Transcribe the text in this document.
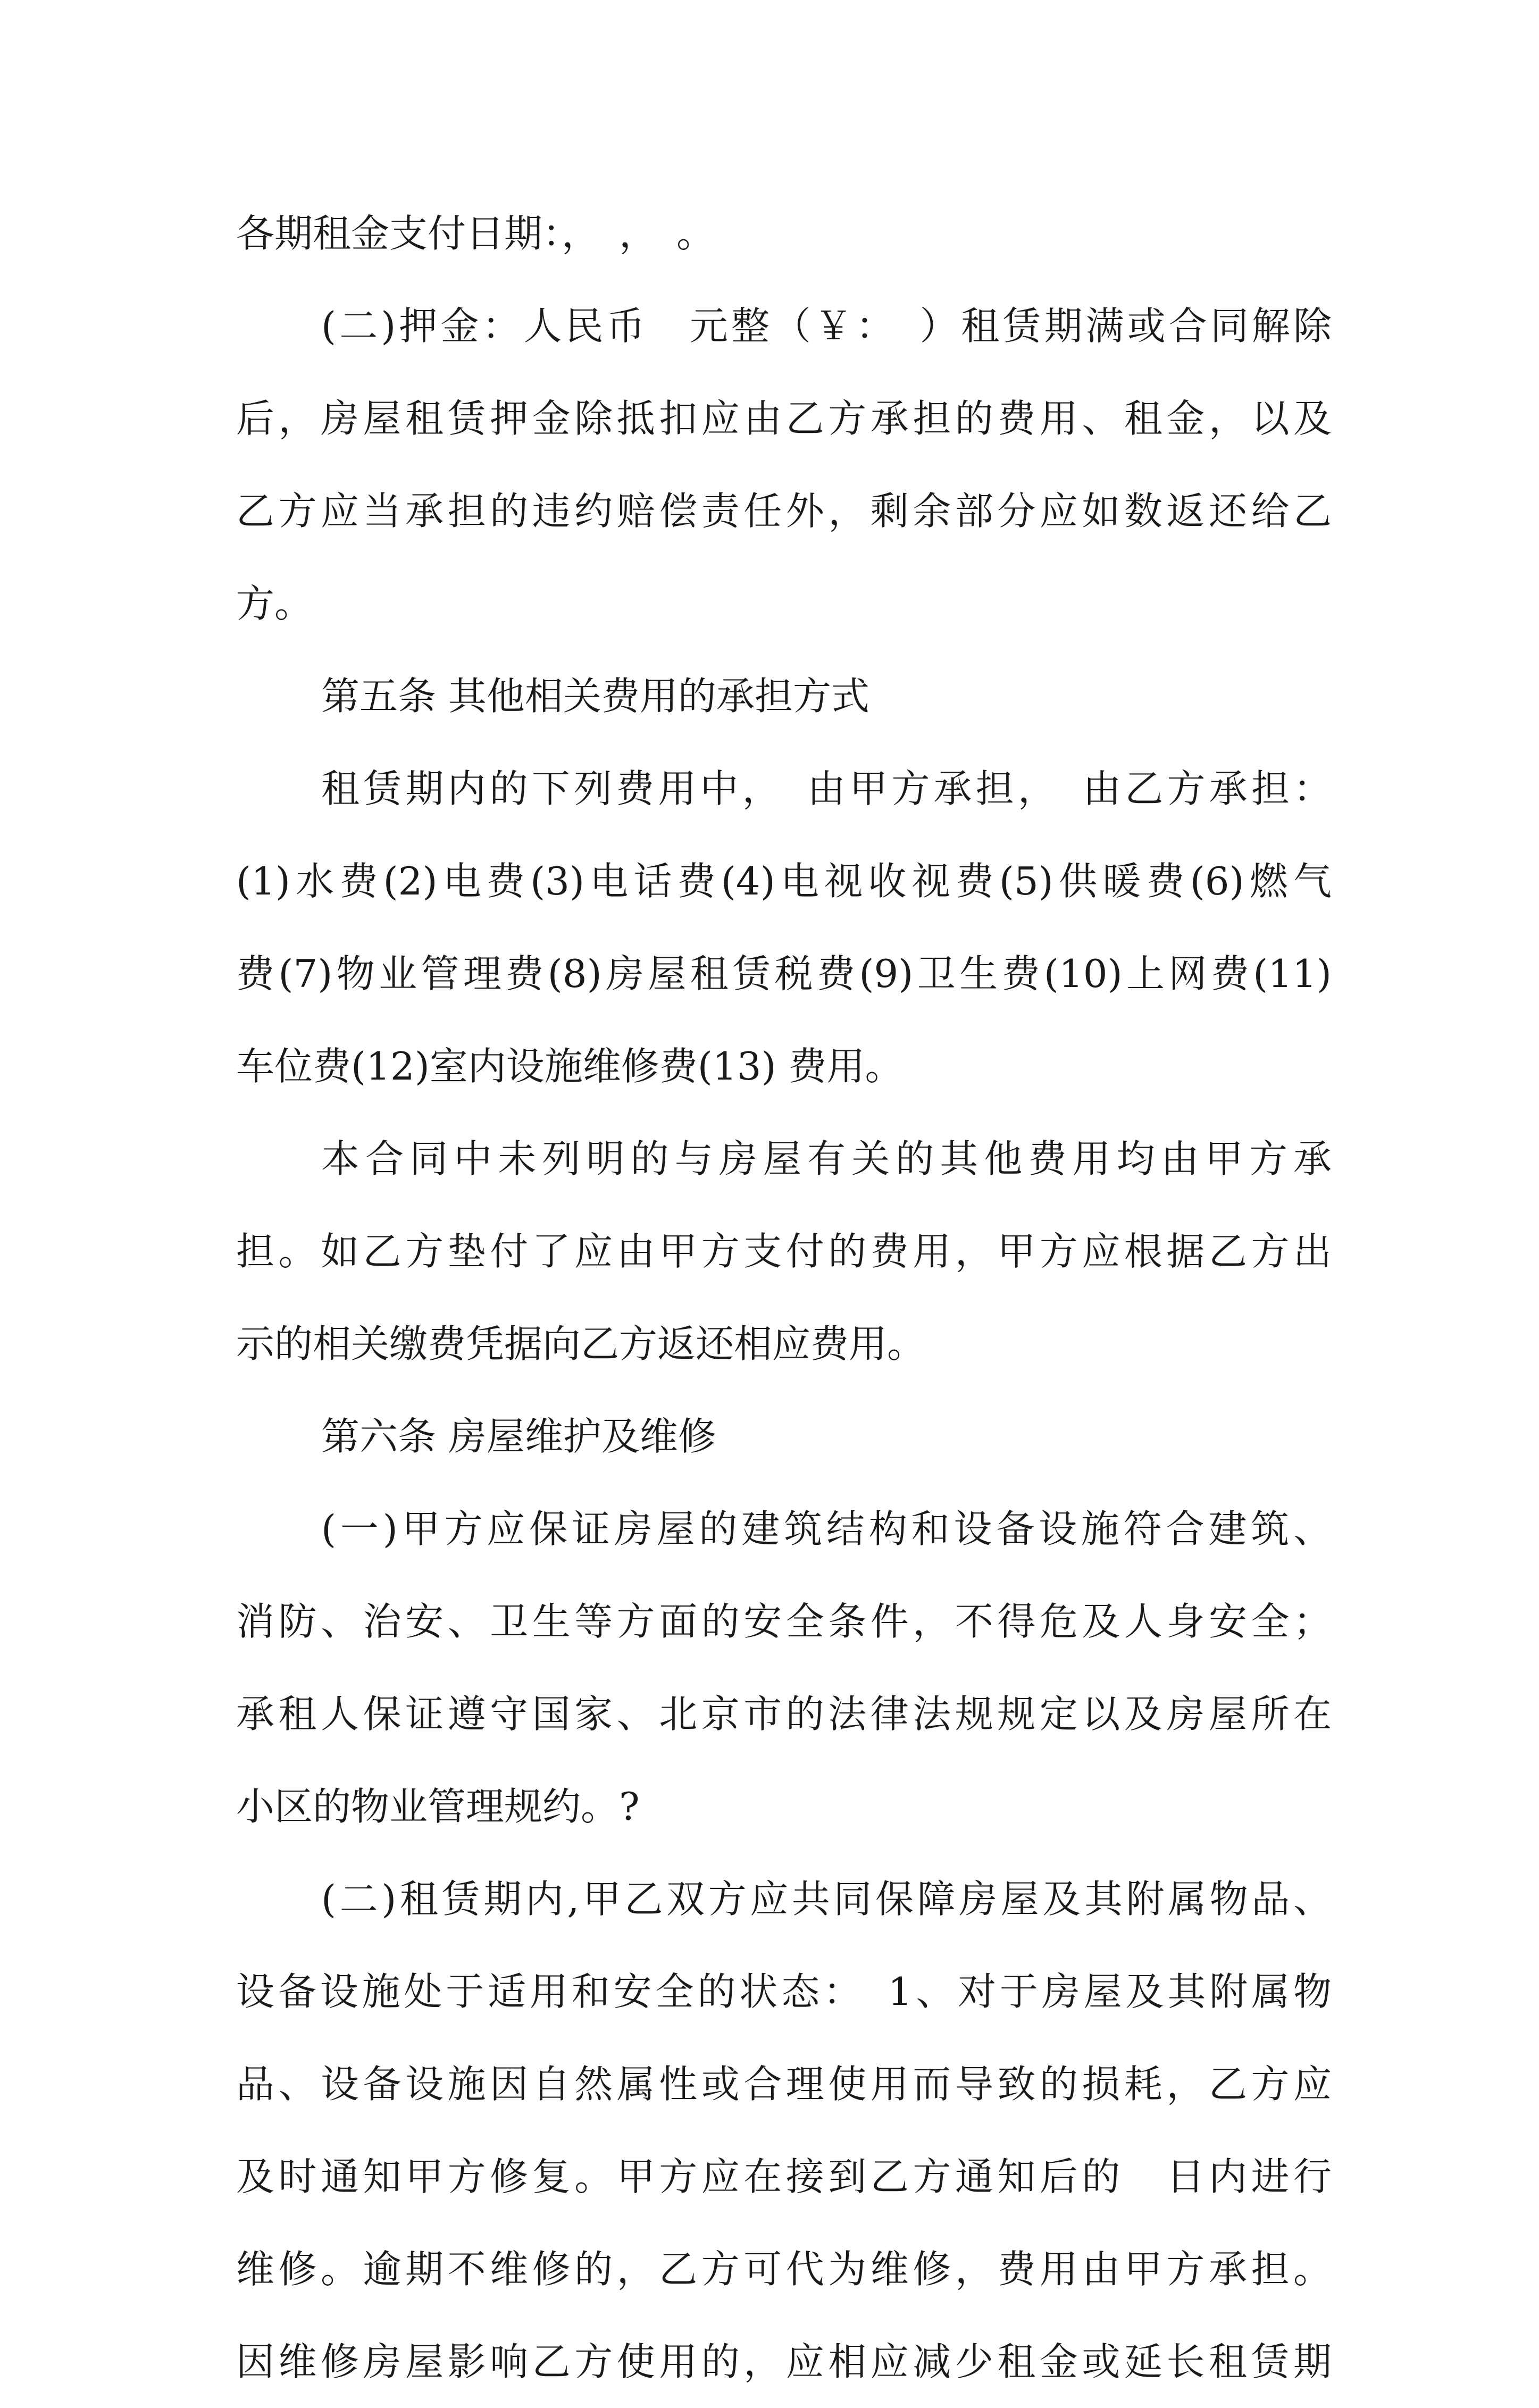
各期租金支付日期：，　，　。
(二)押金：人民币　元整（￥：　）租赁期满或合同解除
后，房屋租赁押金除抵扣应由乙方承担的费用、租金，以及
乙方应当承担的违约赔偿责任外，剩余部分应如数返还给乙
方。
第五条 其他相关费用的承担方式
租赁期内的下列费用中，　由甲方承担，　由乙方承担：
(1)水费(2)电费(3)电话费(4)电视收视费(5)供暖费(6)燃气
费(7)物业管理费(8)房屋租赁税费(9)卫生费(10)上网费(11)
车位费(12)室内设施维修费(13) 费用。
本合同中未列明的与房屋有关的其他费用均由甲方承
担。如乙方垫付了应由甲方支付的费用，甲方应根据乙方出
示的相关缴费凭据向乙方返还相应费用。
第六条 房屋维护及维修
(一)甲方应保证房屋的建筑结构和设备设施符合建筑、
消防、治安、卫生等方面的安全条件，不得危及人身安全；
承租人保证遵守国家、北京市的法律法规规定以及房屋所在
小区的物业管理规约。?
(二)租赁期内,甲乙双方应共同保障房屋及其附属物品、
设备设施处于适用和安全的状态：　1、对于房屋及其附属物
品、设备设施因自然属性或合理使用而导致的损耗，乙方应
及时通知甲方修复。甲方应在接到乙方通知后的　日内进行
维修。逾期不维修的，乙方可代为维修，费用由甲方承担。
因维修房屋影响乙方使用的，应相应减少租金或延长租赁期
